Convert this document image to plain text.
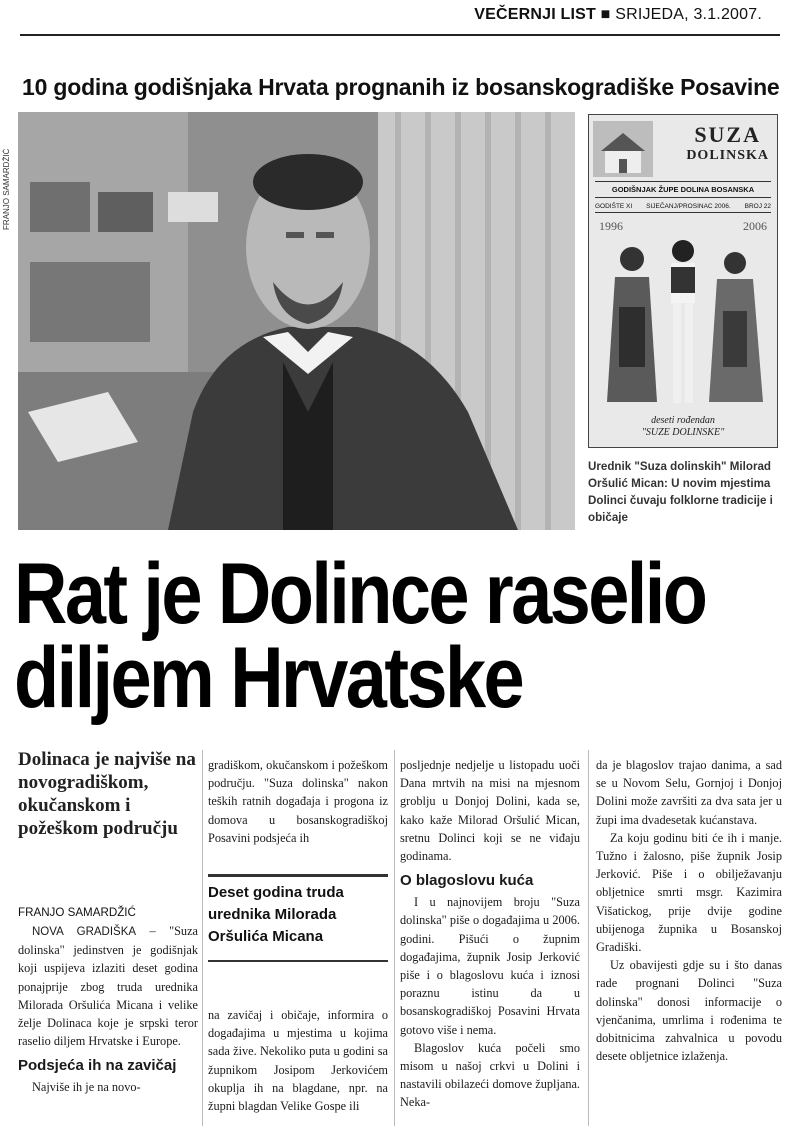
VEČERNJI LIST ■ SRIJEDA, 3.1.2007.
10 godina godišnjaka Hrvata prognanih iz bosanskogradiške Posavine
FRANJO SAMARDŽIĆ
SUZA
DOLINSKA
GODIŠNJAK ŽUPE DOLINA BOSANSKA
GODIŠTE XI SIJEČANJ/PROSINAC 2006. BROJ 22
1996	2006
deseti rođendan
"SUZE DOLINSKE"
Urednik "Suza dolinskih" Milorad Oršulić Mican: U novim mjestima Dolinci čuvaju folklorne tradicije i običaje
Rat je Dolince raselio
diljem Hrvatske
Dolinaca je najviše na novogradiškom, okučanskom i požeškom području
FRANJO SAMARDŽIĆ

NOVA GRADIŠKA – "Suza dolinska" jedinstven je godišnjak koji uspijeva izlaziti deset godina ponajprije zbog truda urednika Milorada Oršulića Micana i velike želje Dolinaca koje je srpski teror raselio diljem Hrvatske i Europe.

Podsjeća ih na zavičaj

Najviše ih je na novo-

gradiškom, okučanskom i požeškom području. "Suza dolinska" nakon teških ratnih događaja i progona iz domova u bosanskogradiškoj Posavini podsjeća ih

Deset godina truda urednika Milorada Oršulića Micana

na zavičaj i običaje, informira o događajima u mjestima u kojima sada žive. Nekoliko puta u godini sa župnikom Josipom Jerkovićem okuplja ih na blagdane, npr. na župni blagdan Velike Gospe ili

posljednje nedjelje u listopadu uoči Dana mrtvih na misi na mjesnom groblju u Donjoj Dolini, kada se, kako kaže Milorad Oršulić Mican, sretnu Dolinci koji se ne viđaju godinama.

O blagoslovu kuća

I u najnovijem broju "Suza dolinska" piše o događajima u 2006. godini. Pišući o župnim događajima, župnik Josip Jerković piše i o blagoslovu kuća i iznosi poraznu istinu da u bosanskogradiškoj Posavini Hrvata gotovo više i nema.

Blagoslov kuća počeli smo misom u našoj crkvi u Dolini i nastavili obilazeći domove župljana. Neka-

da je blagoslov trajao danima, a sad se u Novom Selu, Gornjoj i Donjoj Dolini može završiti za dva sata jer u župi ima dvadesetak kućanstava.

Za koju godinu biti će ih i manje. Tužno i žalosno, piše župnik Josip Jerković. Piše i o obilježavanju obljetnice smrti msgr. Kazimira Višatickog, prije dvije godine ubijenoga župnika u Bosanskoj Gradiški.

Uz obavijesti gdje su i što danas rade prognani Dolinci "Suza dolinska" donosi informacije o vjenčanima, umrlima i rođenima te dobitnicima zahvalnica u povodu desete obljetnice izlaženja.
